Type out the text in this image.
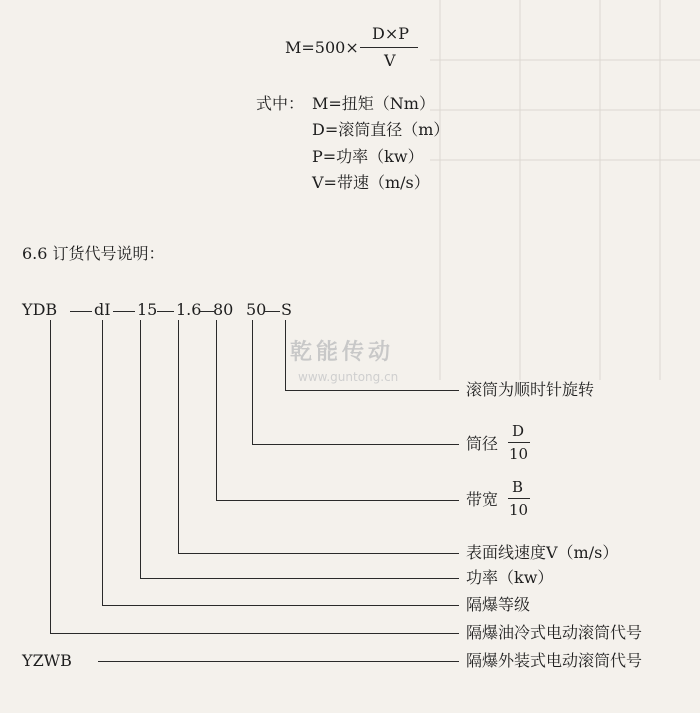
M=500×
D×P
V
式中： M=扭矩（Nm）
D=滚筒直径（m）
P=功率（kw）
V=带速（m/s）
6.6 订货代号说明：
YDB dI 15 1.6 80 50 S
乾能传动
www.guntong.cn
YZWB
滚筒为顺时针旋转
筒径
D
10
带宽
B
10
表面线速度V（m/s）
功率（kw）
隔爆等级
隔爆油冷式电动滚筒代号
隔爆外装式电动滚筒代号
